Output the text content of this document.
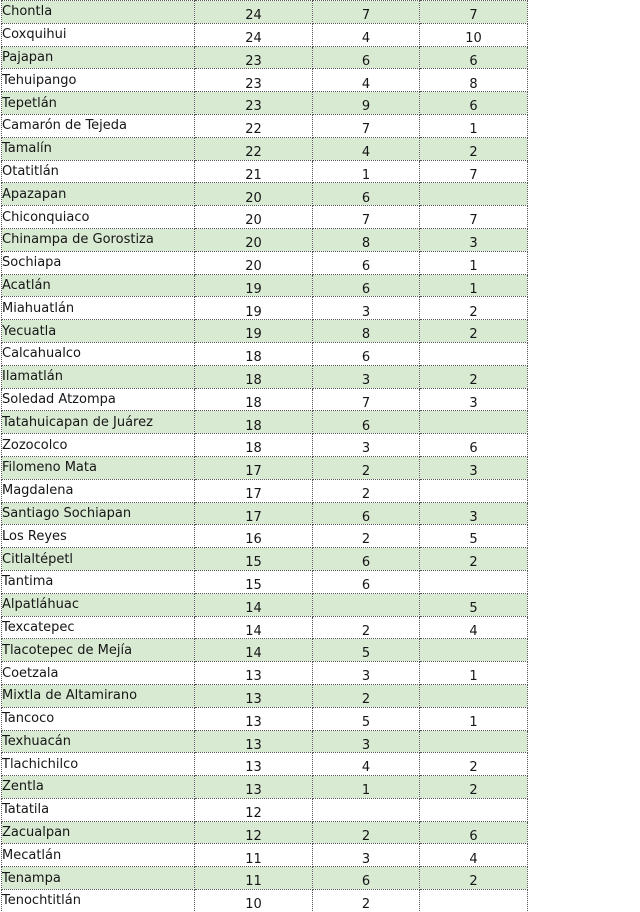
Chontla	24	7	7
Coxquihui	24	4	10
Pajapan	23	6	6
Tehuipango	23	4	8
Tepetlán	23	9	6
Camarón de Tejeda	22	7	1
Tamalín	22	4	2
Otatitlán	21	1	7
Apazapan	20	6	
Chiconquiaco	20	7	7
Chinampa de Gorostiza	20	8	3
Sochiapa	20	6	1
Acatlán	19	6	1
Miahuatlán	19	3	2
Yecuatla	19	8	2
Calcahualco	18	6	
Ilamatlán	18	3	2
Soledad Atzompa	18	7	3
Tatahuicapan de Juárez	18	6	
Zozocolco	18	3	6
Filomeno Mata	17	2	3
Magdalena	17	2	
Santiago Sochiapan	17	6	3
Los Reyes	16	2	5
Citlaltépetl	15	6	2
Tantima	15	6	
Alpatláhuac	14		5
Texcatepec	14	2	4
Tlacotepec de Mejía	14	5	
Coetzala	13	3	1
Mixtla de Altamirano	13	2	
Tancoco	13	5	1
Texhuacán	13	3	
Tlachichilco	13	4	2
Zentla	13	1	2
Tatatila	12		
Zacualpan	12	2	6
Mecatlán	11	3	4
Tenampa	11	6	2
Tenochtitlán	10	2	
